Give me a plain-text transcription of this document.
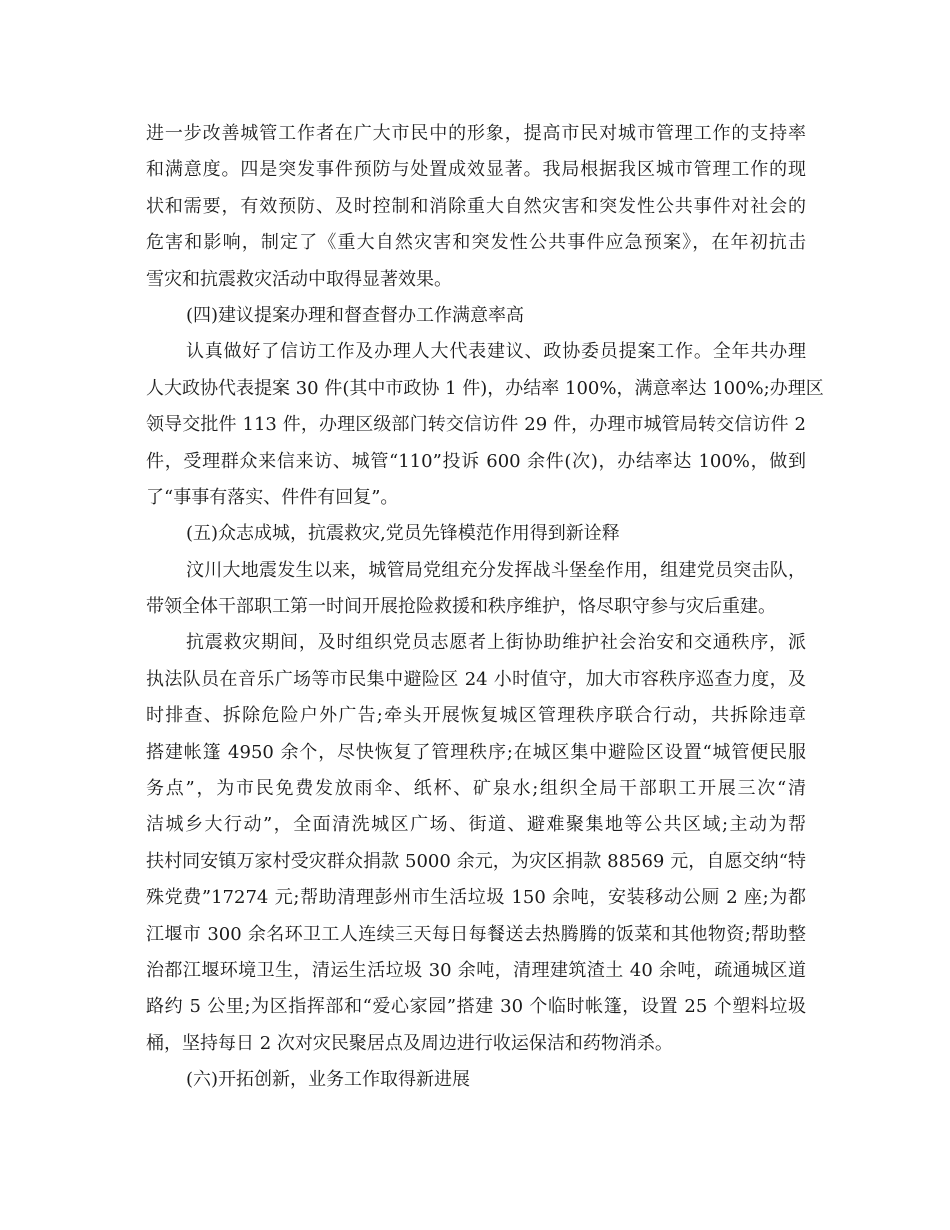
进一步改善城管工作者在广大市民中的形象，提高市民对城市管理工作的支持率
和满意度。四是突发事件预防与处置成效显著。我局根据我区城市管理工作的现
状和需要，有效预防、及时控制和消除重大自然灾害和突发性公共事件对社会的
危害和影响，制定了《重大自然灾害和突发性公共事件应急预案》，在年初抗击
雪灾和抗震救灾活动中取得显著效果。
(四)建议提案办理和督查督办工作满意率高
认真做好了信访工作及办理人大代表建议、政协委员提案工作。全年共办理
人大政协代表提案 30 件(其中市政协 1 件)，办结率 100%，满意率达 100%;办理区
领导交批件 113 件，办理区级部门转交信访件 29 件，办理市城管局转交信访件 2
件，受理群众来信来访、城管“110”投诉 600 余件(次)，办结率达 100%，做到
了“事事有落实、件件有回复”。
(五)众志成城，抗震救灾,党员先锋模范作用得到新诠释
汶川大地震发生以来，城管局党组充分发挥战斗堡垒作用，组建党员突击队，
带领全体干部职工第一时间开展抢险救援和秩序维护，恪尽职守参与灾后重建。
抗震救灾期间，及时组织党员志愿者上街协助维护社会治安和交通秩序，派
执法队员在音乐广场等市民集中避险区 24 小时值守，加大市容秩序巡查力度，及
时排查、拆除危险户外广告;牵头开展恢复城区管理秩序联合行动，共拆除违章
搭建帐篷 4950 余个，尽快恢复了管理秩序;在城区集中避险区设置“城管便民服
务点”，为市民免费发放雨伞、纸杯、矿泉水;组织全局干部职工开展三次“清
洁城乡大行动”，全面清洗城区广场、街道、避难聚集地等公共区域;主动为帮
扶村同安镇万家村受灾群众捐款 5000 余元，为灾区捐款 88569 元，自愿交纳“特
殊党费”17274 元;帮助清理彭州市生活垃圾 150 余吨，安装移动公厕 2 座;为都
江堰市 300 余名环卫工人连续三天每日每餐送去热腾腾的饭菜和其他物资;帮助整
治都江堰环境卫生，清运生活垃圾 30 余吨，清理建筑渣土 40 余吨，疏通城区道
路约 5 公里;为区指挥部和“爱心家园”搭建 30 个临时帐篷，设置 25 个塑料垃圾
桶，坚持每日 2 次对灾民聚居点及周边进行收运保洁和药物消杀。
(六)开拓创新，业务工作取得新进展
